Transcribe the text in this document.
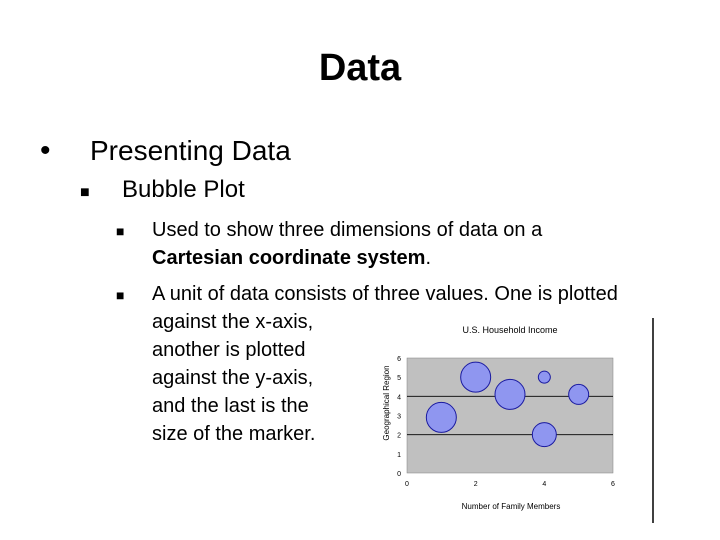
Data
•	Presenting Data
■	Bubble Plot
■	Used to show three dimensions of data on a
Cartesian coordinate system.
■	A unit of data consists of three values. One is plotted
against the x-axis,
another is plotted
against the y-axis,
and the last is the
size of the marker.
U.S. Household Income
Geographical Region
Number of Family Members
0
1
2
3
4
5
6
0	2	4	6
